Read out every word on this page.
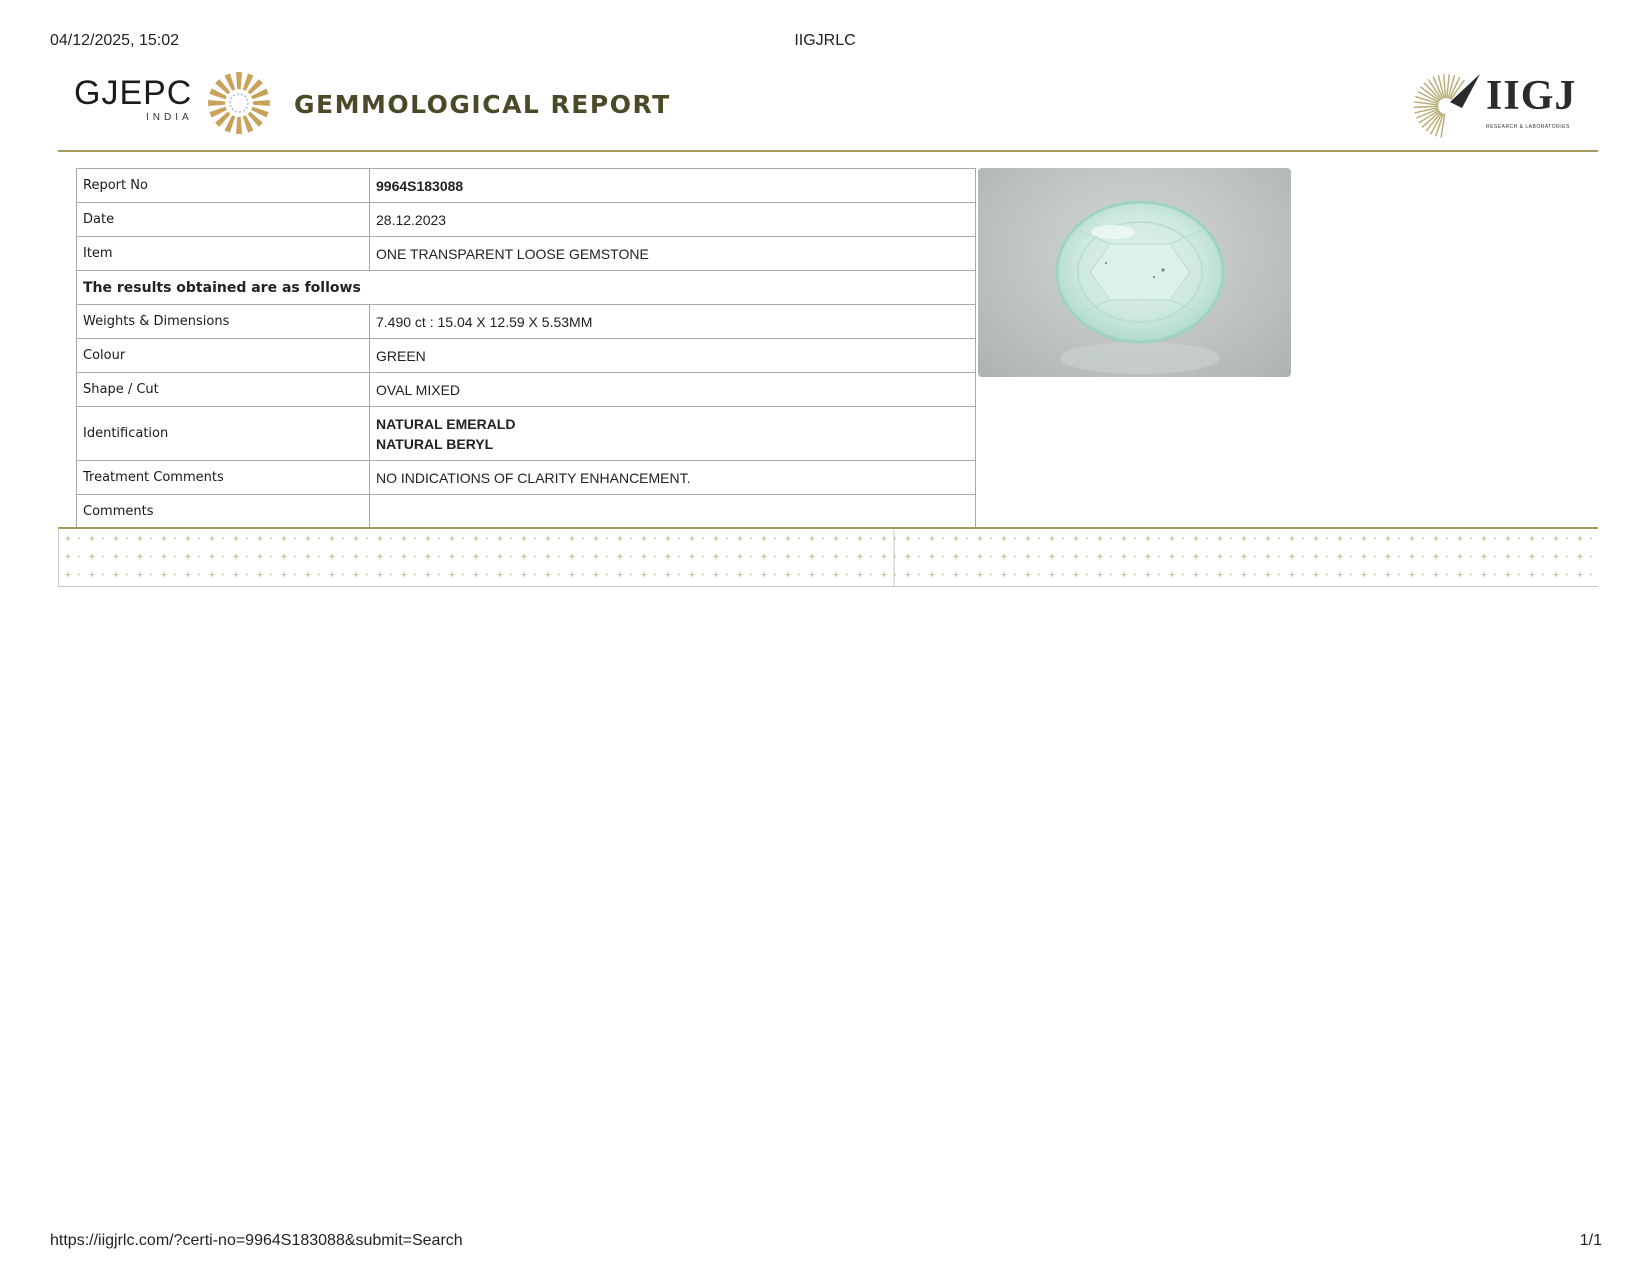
04/12/2025, 15:02	IIGJRLC
GJEPC
INDIA	GEMMOLOGICAL REPORT	IIGJ
RESEARCH & LABORATORIES
Report No	9964S183088
Date	28.12.2023
Item	ONE TRANSPARENT LOOSE GEMSTONE
The results obtained are as follows	
Weights & Dimensions	7.490 ct : 15.04 X 12.59 X 5.53MM
Colour	GREEN
Shape / Cut	OVAL MIXED
Identification	NATURAL EMERALD
NATURAL BERYL

Treatment Comments	NO INDICATIONS OF CLARITY ENHANCEMENT.
Comments	
https://iigjrlc.com/?certi-no=9964S183088&submit=Search	1/1
